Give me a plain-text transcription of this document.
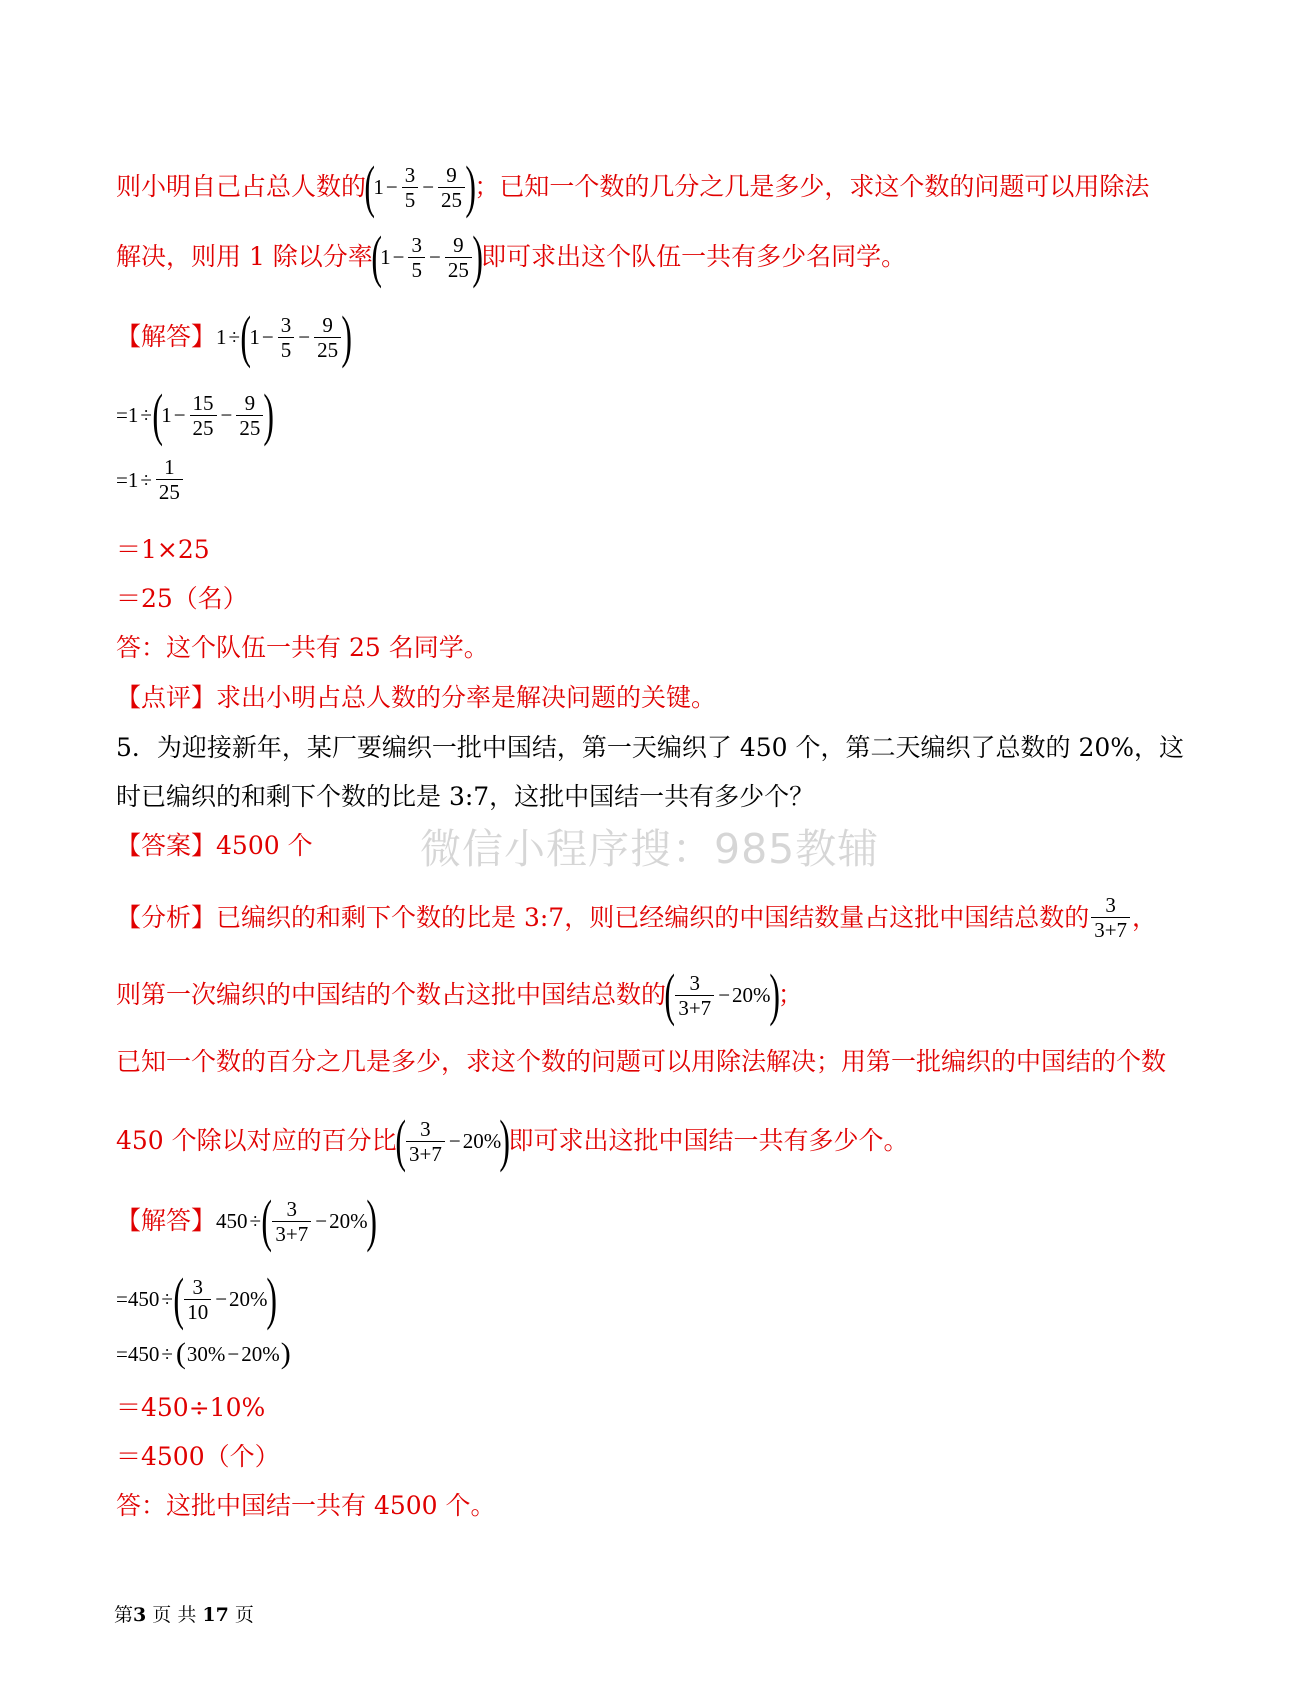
则小明自己占总人数的
(
$1 - \frac{3}{5} - \frac{9}{25}$ )
；已知一个数的几分之几是多少，求这个数的问题可以用除法
解决，则用 1 除以分率
(
$1 - \frac{3}{5} - \frac{9}{25}$ )
即可求出这个队伍一共有多少名同学。
【解答】 1 ÷ (
$1 - \frac{3}{5} - \frac{9}{25}$ )
= 1 ÷ (
$1 - \frac{15}{25} - \frac{9}{25}$ )
= $1 \div \frac{1}{25}$
＝1×25
＝25（名）
答：这个队伍一共有 25 名同学。
【点评】 求出小明占总人数的分率是解决问题的关键。
5．为迎接新年，某厂要编织一批中国结，第一天编织了 450 个，第二天编织了总数的 20%，这
时已编织的和剩下个数的比是 3:7，这批中国结一共有多少个？
【答案】 4500 个
【分析】 已编织的和剩下个数的比是 3:7，则已经编织的中国结数量占这批中国结总数的 $\frac{3}{3+7}$ ，
则第一次编织的中国结的个数占这批中国结总数的
( $\frac{3}{3+7} - 20\%$
)
；
已知一个数的百分之几是多少，求这个数的问题可以用除法解决；用第一批编织的中国结的个数
450 个除以对应的百分比
( $\frac{3}{3+7} - 20\%$
)
即可求出这批中国结一共有多少个。
【解答】 450 ÷ ( $\frac{3}{3+7} - 20\%$
)
= 450 ÷ ( $\frac{3}{10} - 20\%$
)
= 450 ÷ ( 30% − 20% )
＝450÷10%
＝4500（个）
答：这批中国结一共有 4500 个。
微信小程序搜：985教辅
第3 页 共 17 页
